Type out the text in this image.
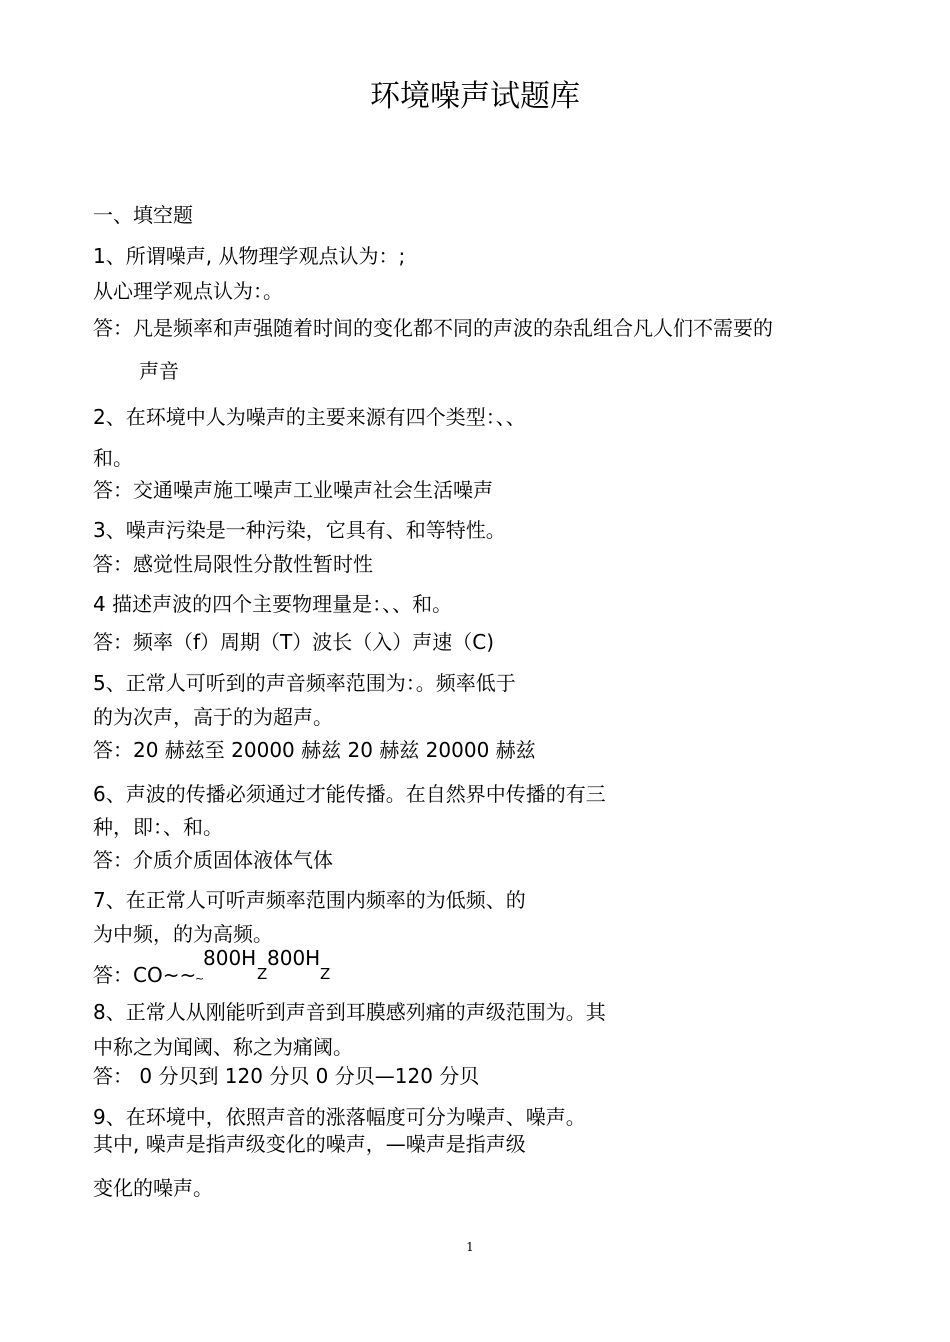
环境噪声试题库
一、填空题
1、所谓噪声, 从物理学观点认为：;
从心理学观点认为：。
答：凡是频率和声强随着时间的变化都不同的声波的杂乱组合凡人们不需要的
声音
2、在环境中人为噪声的主要来源有四个类型：、、
和。
答：交通噪声施工噪声工业噪声社会生活噪声
3、噪声污染是一种污染，它具有、和等特性。
答：感觉性局限性分散性暂时性
4 描述声波的四个主要物理量是：、、和。
答：频率（f）周期（T）波长（入）声速（C)
5、正常人可听到的声音频率范围为：。频率低于
的为次声，高于的为超声。
答：20 赫兹至 20000 赫兹 20 赫兹 20000 赫兹
6、声波的传播必须通过才能传播。在自然界中传播的有三
种，即：、和。
答：介质介质固体液体气体
7、在正常人可听声频率范围内频率的为低频、的
为中频，的为高频。
答：CO~~
~
800H
Z
800H
Z
8、正常人从刚能听到声音到耳膜感列痛的声级范围为。其
中称之为闻阈、称之为痛阈。
答： 0 分贝到 120 分贝 0 分贝—120 分贝
9、在环境中，依照声音的涨落幅度可分为噪声、噪声。
其中, 噪声是指声级变化的噪声，—噪声是指声级
变化的噪声。
1
